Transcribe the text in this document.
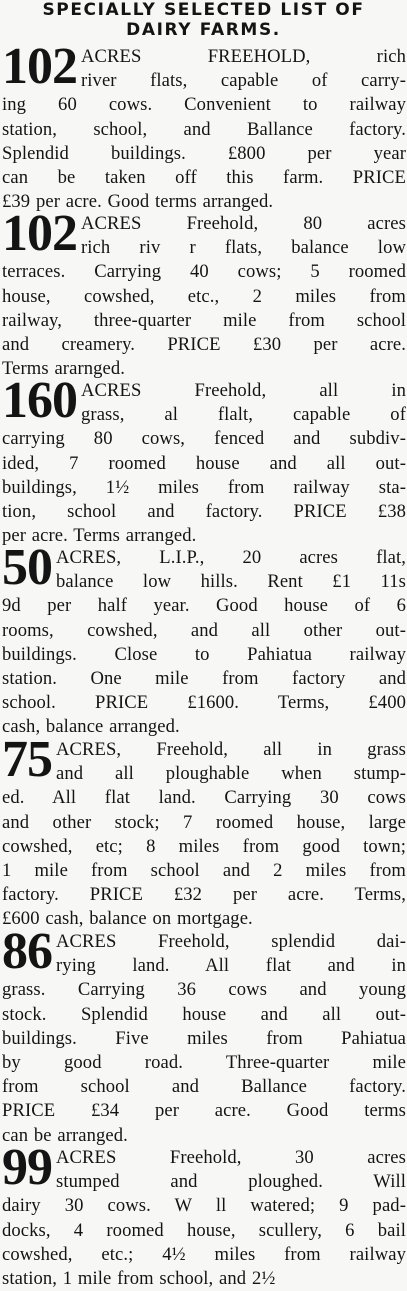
SPECIALLY SELECTED LIST OF
DAIRY FARMS.
102 ACRES FREEHOLD, rich
river flats, capable of carry-
ing 60 cows. Convenient to railway
station, school, and Ballance factory.
Splendid buildings. £800 per year
can be taken off this farm. PRICE
£39 per acre. Good terms arranged.
102 ACRES Freehold, 80 acres
rich riv r flats, balance low
terraces. Carrying 40 cows; 5 roomed
house, cowshed, etc., 2 miles from
railway, three-quarter mile from school
and creamery. PRICE £30 per acre.
Terms ararnged.
160 ACRES Freehold, all in
grass, al flalt, capable of
carrying 80 cows, fenced and subdiv-
ided, 7 roomed house and all out-
buildings, 1½ miles from railway sta-
tion, school and factory. PRICE £38
per acre. Terms arranged.
50 ACRES, L.I.P., 20 acres flat,
balance low hills. Rent £1 11s
9d per half year. Good house of 6
rooms, cowshed, and all other out-
buildings. Close to Pahiatua railway
station. One mile from factory and
school. PRICE £1600. Terms, £400
cash, balance arranged.
75 ACRES, Freehold, all in grass
and all ploughable when stump-
ed. All flat land. Carrying 30 cows
and other stock; 7 roomed house, large
cowshed, etc; 8 miles from good town;
1 mile from school and 2 miles from
factory. PRICE £32 per acre. Terms,
£600 cash, balance on mortgage.
86 ACRES Freehold, splendid dai-
rying land. All flat and in
grass. Carrying 36 cows and young
stock. Splendid house and all out-
buildings. Five miles from Pahiatua
by good road. Three-quarter mile
from school and Ballance factory.
PRICE £34 per acre. Good terms
can be arranged.
99 ACRES Freehold, 30 acres
stumped and ploughed. Will
dairy 30 cows. W ll watered; 9 pad-
docks, 4 roomed house, scullery, 6 bail
cowshed, etc.; 4½ miles from railway
station, 1 mile from school, and 2½
